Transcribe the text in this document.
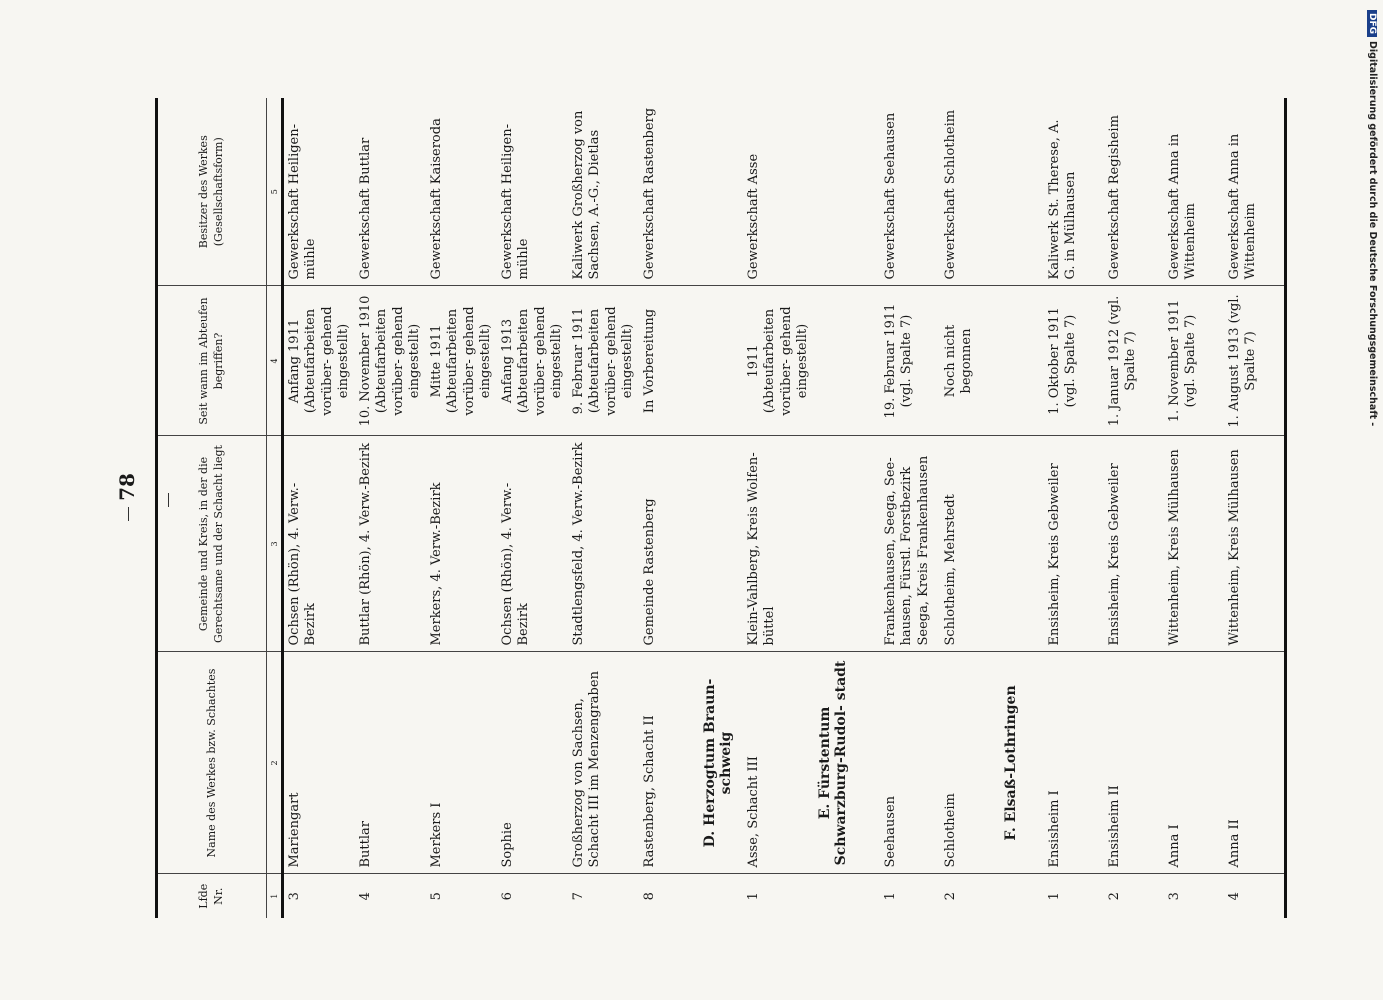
78
Lfde Nr.	Name des Werkes bzw. Schachtes	Gemeinde und Kreis, in der die Gerechtsame und der Schacht liegt	Seit wann im Abteufen begriffen?	Besitzer des Werkes (Gesellschaftsform)
1	2	3	4	5
3	Mariengart	Ochsen (Rhön), 4. Verw.-Bezirk	Anfang 1911 (Abteufarbeiten vorüber- gehend eingestellt)	Gewerkschaft Heiligen- mühle
4	Buttlar	Buttlar (Rhön), 4. Verw.-Bezirk	10. November 1910 (Abteufarbeiten vorüber- gehend eingestellt)	Gewerkschaft Buttlar
5	Merkers I	Merkers, 4. Verw.-Bezirk	Mitte 1911 (Abteufarbeiten vorüber- gehend eingestellt)	Gewerkschaft Kaiseroda
6	Sophie	Ochsen (Rhön), 4. Verw.-Bezirk	Anfang 1913 (Abteufarbeiten vorüber- gehend eingestellt)	Gewerkschaft Heiligen- mühle
7	Großherzog von Sachsen, Schacht III im Menzengraben	Stadtlengsfeld, 4. Verw.-Bezirk	9. Februar 1911 (Abteufarbeiten vorüber- gehend eingestellt)	Kaliwerk Großherzog von Sachsen, A.-G., Dietlas
8	Rastenberg, Schacht II	Gemeinde Rastenberg	In Vorbereitung	Gewerkschaft Rastenberg
	D. Herzogtum Braun- schweig			
1	Asse, Schacht III	Klein-Vahlberg, Kreis Wolfen- büttel	1911 (Abteufarbeiten vorüber- gehend eingestellt)	Gewerkschaft Asse
	E. Fürstentum Schwarzburg-Rudol- stadt			
1	Seehausen	Frankenhausen, Seega, See- hausen, Fürstl. Forstbezirk Seega, Kreis Frankenhausen	19. Februar 1911 (vgl. Spalte 7)	Gewerkschaft Seehausen
2	Schlotheim	Schlotheim, Mehrstedt	Noch nicht begonnen	Gewerkschaft Schlotheim
	F. Elsaß-Lothringen			
1	Ensisheim I	Ensisheim, Kreis Gebweiler	1. Oktober 1911 (vgl. Spalte 7)	Kaliwerk St. Therese, A. G. in Mülhausen
2	Ensisheim II	Ensisheim, Kreis Gebweiler	1. Januar 1912 (vgl. Spalte 7)	Gewerkschaft Regisheim
3	Anna I	Wittenheim, Kreis Mülhausen	1. November 1911 (vgl. Spalte 7)	Gewerkschaft Anna in Wittenheim
4	Anna II	Wittenheim, Kreis Mülhausen	1. August 1913 (vgl. Spalte 7)	Gewerkschaft Anna in Wittenheim
DFGDigitalisierung gefördert durch die Deutsche Forschungsgemeinschaft -
